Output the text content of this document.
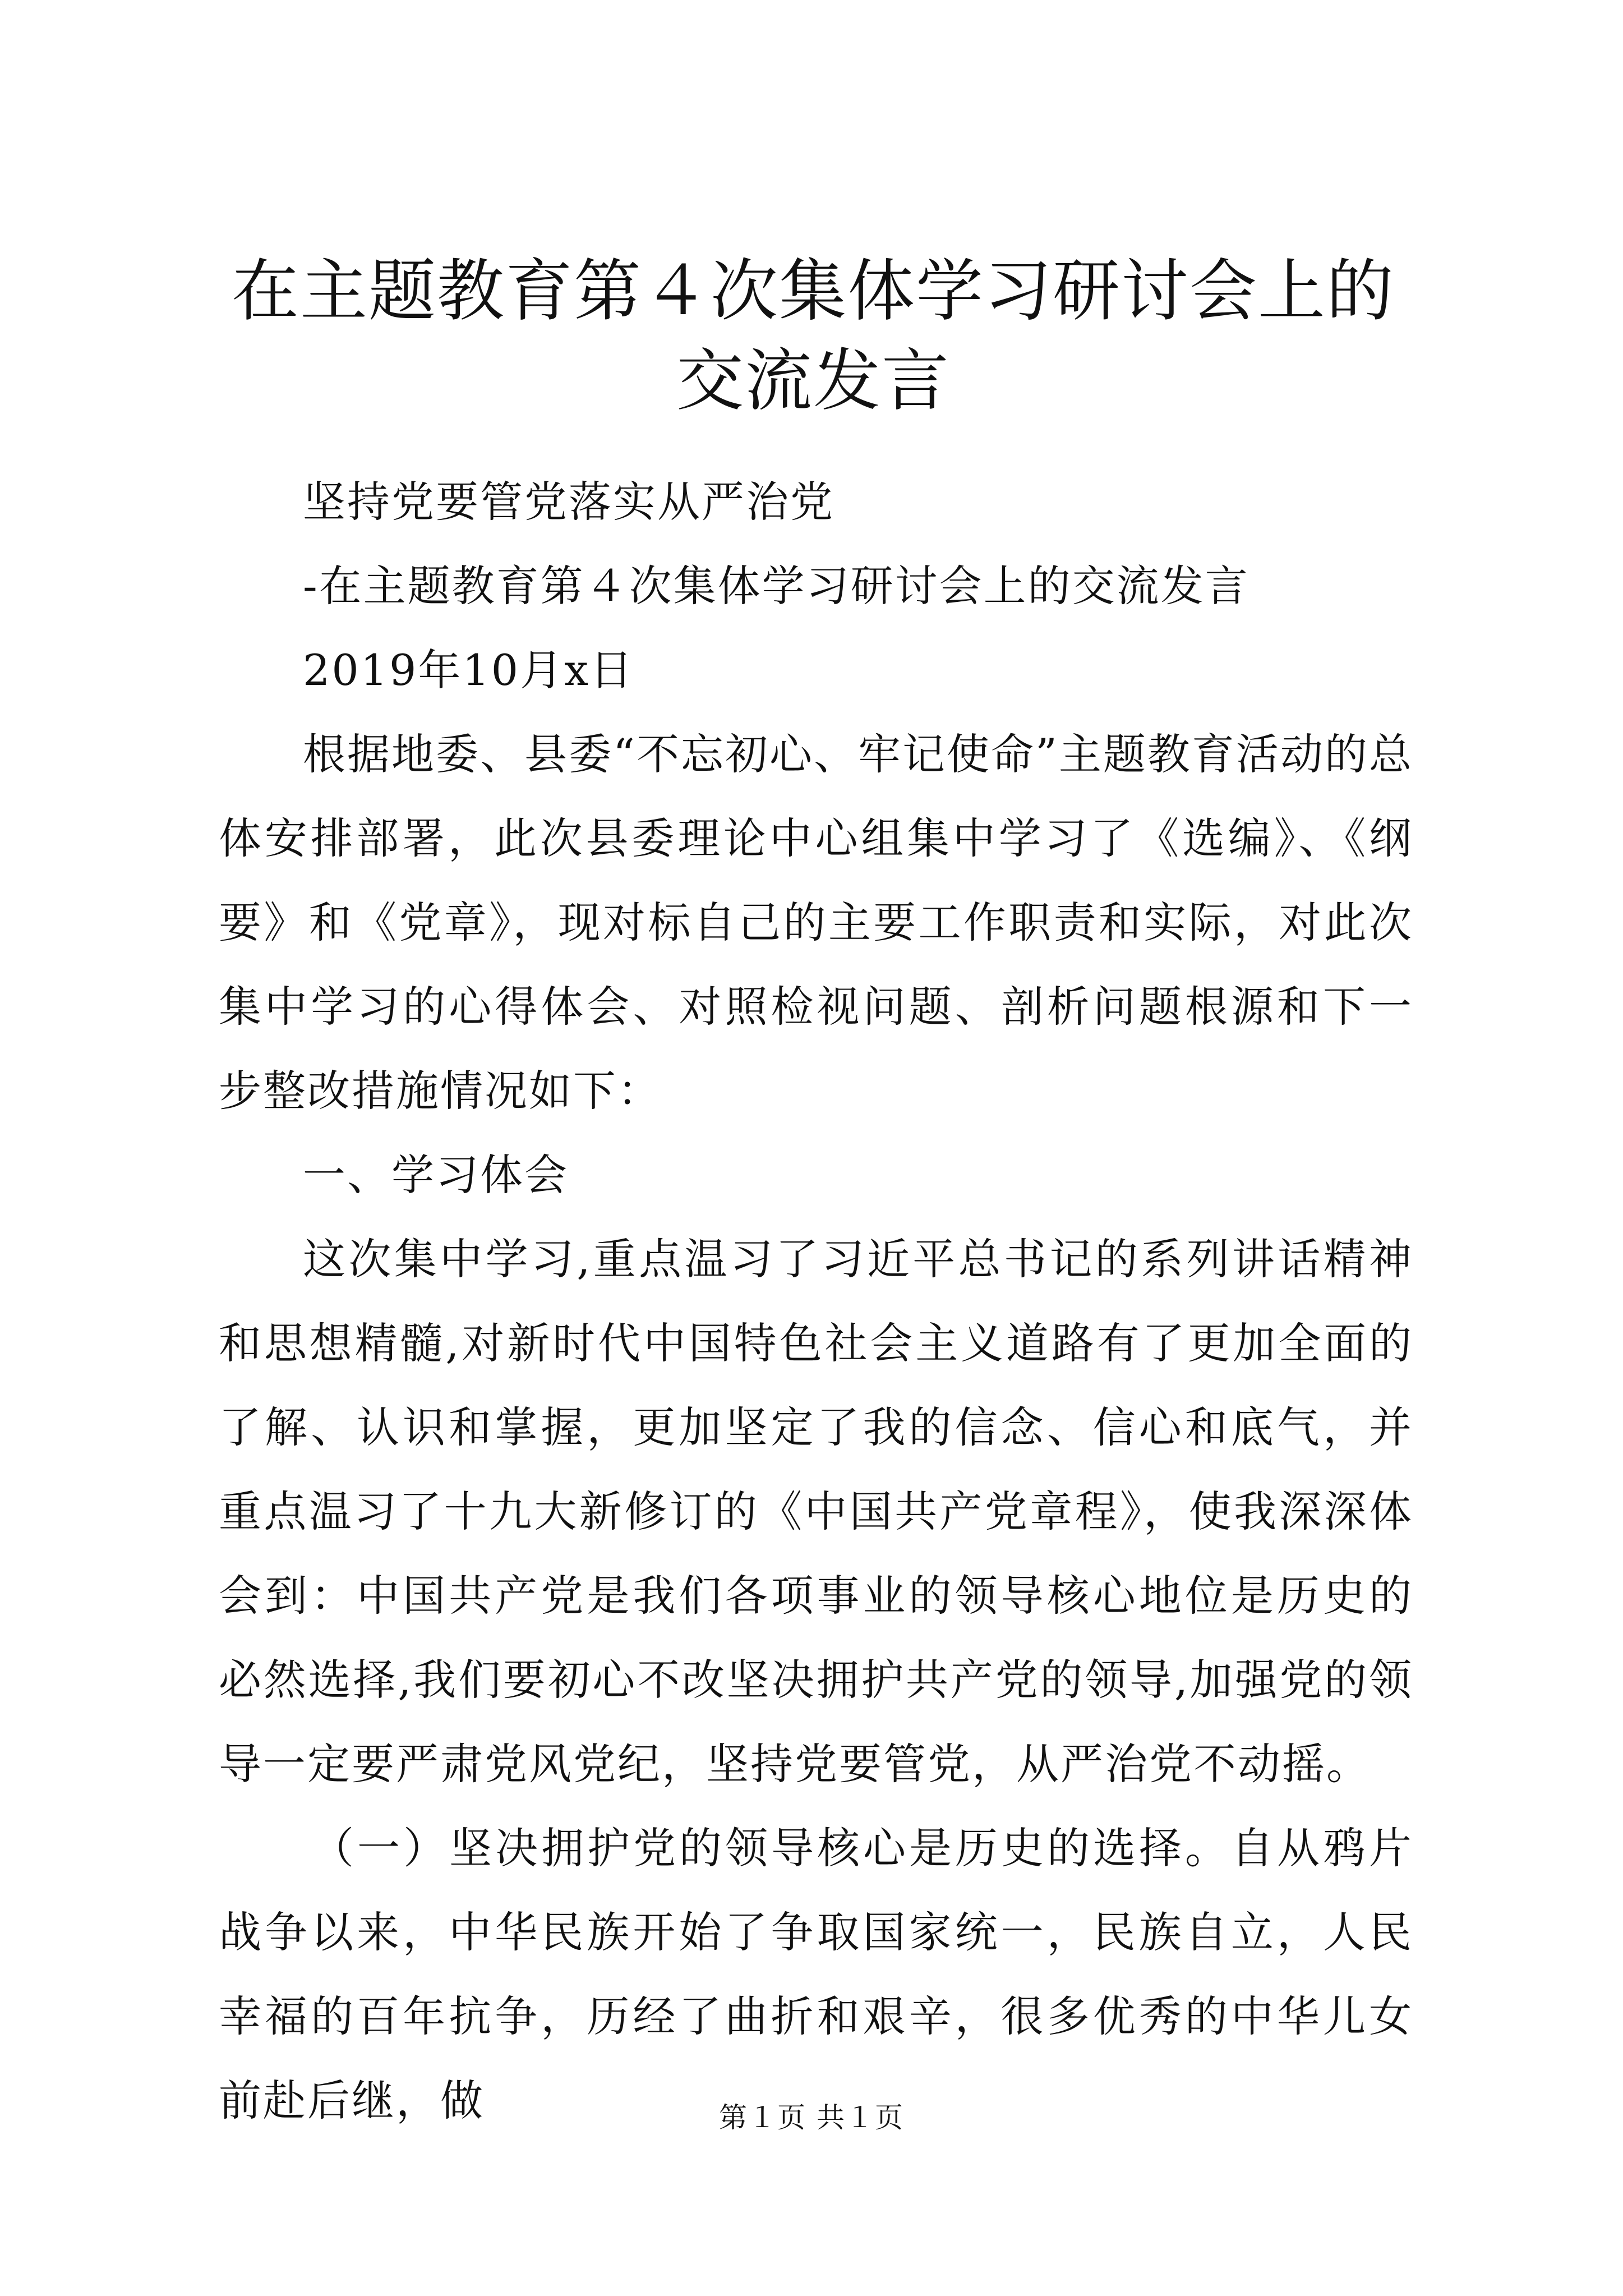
在主题教育第４次集体学习研讨会上的交流发言

坚持党要管党落实从严治党

-在主题教育第４次集体学习研讨会上的交流发言

2019年10月x日

根据地委、县委“不忘初心、牢记使命”主题教育活动的总体安排部署，此次县委理论中心组集中学习了《选编》、《纲要》和《党章》，现对标自己的主要工作职责和实际，对此次集中学习的心得体会、对照检视问题、剖析问题根源和下一步整改措施情况如下：

一、学习体会

这次集中学习,重点温习了习近平总书记的系列讲话精神和思想精髓,对新时代中国特色社会主义道路有了更加全面的了解、认识和掌握，更加坚定了我的信念、信心和底气，并重点温习了十九大新修订的《中国共产党章程》，使我深深体会到：中国共产党是我们各项事业的领导核心地位是历史的必然选择,我们要初心不改坚决拥护共产党的领导,加强党的领导一定要严肃党风党纪，坚持党要管党，从严治党不动摇。

（一）坚决拥护党的领导核心是历史的选择。自从鸦片战争以来，中华民族开始了争取国家统一，民族自立，人民幸福的百年抗争，历经了曲折和艰辛，很多优秀的中华儿女前赴后继，做	第１页 共１页
